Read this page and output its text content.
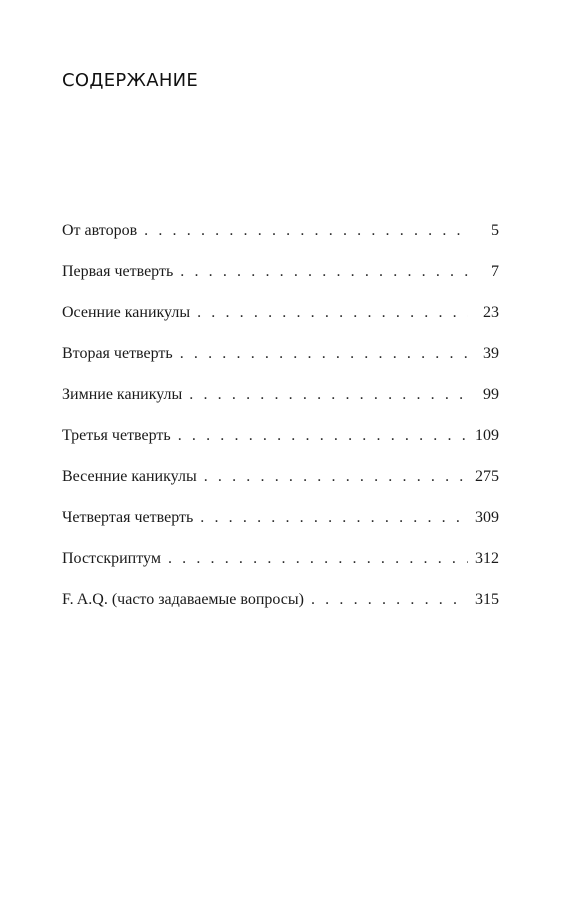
СОДЕРЖАНИЕ
От авторов . . .	5
Первая четверть . . .	7
Осенние каникулы . . .	23
Вторая четверть . . .	39
Зимние каникулы . . .	99
Третья четверть . . .	109
Весенние каникулы . . .	275
Четвертая четверть . . .	309
Постскриптум . . .	312
F. A.Q. (часто задаваемые вопросы) . . .	315
